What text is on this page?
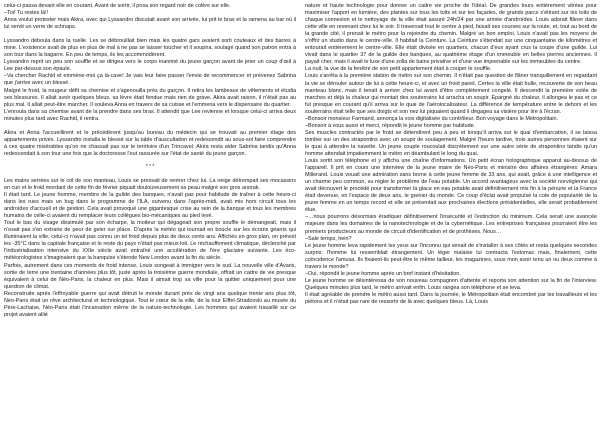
celui-ci passa devant elle en courant. Avant de sortir, il posa son regard noir de colère sur elle.

–Toi! Tu restes là!!

Anna voulut protester mais Akira, avec qui Lyssandro discutait avant son arrivée, lui prit le bras et la ramena au bar où il lui servit un verre de schnaps.

Lyssandro déboula dans la ruelle. Les se débrouillait bien mais les quatre gars avaient sorti couteaux et des barres à mine. L'existence avait de plus en plus de mal à ne pas se laisser toucher et il soupira, soulagé quand son patron entra à son tour dans la bagarre. En peu de temps, ils les accommodèrent.

Lyssandro reprit un peu son souffle et se dirigea vers le corps inanimé du jeune garçon avant de jeter un coup d'œil à Lee par-dessus son épaule.

–Va chercher Rachid et emmène-moi ça là-cave! Je vais leur faire passer l'envie de recommencer et prévenez Sabrina que j'arrive avec un blessé.

Malgré le froid, la rougeur défit sa chemise et s'agenouilla près du garçon. Il retira les lambeaux de vêtements et étudia ses blessures. Il allait avoir quelques bleus, sa lèvre était fendue mais rien de grave. Akira avait raison, il n'était pas au plus mal. Il allait peut-être marcher. Il souleva Anna en travers de sa cuisse et l'emmena vers le dispensaire du quartier.

L'enroula dans sa chemise avant de la prendre dans ses bras. Il attendit que Lee revienne et lorsque celui-ci arriva deux minutes plus tard avec Rachid, il rentra.

Akira et Anna l'accueillirent et le précédèrent jusqu'au bureau du médecin qui se trouvait au premier étage des appartements privés. Lyssandro installa le blessé sur la table d'auscultation et redescendit au sous-sol faire comprendre à ces quatre misérables qu'on ne chassait pas sur le territoire d'un Trincavel. Akira resta aider Sabrina tandis qu'Anna redescendait à son tour une fois que la doctoresse l'eut rassurée sur l'état de santé du jeune garçon.

* * *

Les mains serrées sur le col de son manteau, Louis se pressait de rentrer chez lui. La neige détrempait ses mocassins en cuir et le froid mordant de cette fin de février piquait douloureusement sa peau malgré son gros anorak.

Il était tard. Le jeune homme, membre de la guilde des banques, n'avait pas pour habitude de traîner à cette heure-ci dans les rues mais un bug dans le programme de l'ILA, survenu dans l'après-midi, avait mis hors circuit tous les androïdes d'accueil et de gestion. Cela avait provoqué une gigantesque crise au sein de la banque et tous les membres humains de celle-ci avaient du remplacer leurs collègues bio-mécaniques au pied levé.

Tout le bas du visage dissimulé par son écharpe, la moiteur qui dégageait son propre souffle le démangeait, mais il n'osait pas s'en extraire de peur de geler sur place. D'après la météo qui tournait en boucle sur les écrans géants qui illuminaient la ville, celui-ci n'avait pas connu un tel froid depuis plus de deux cents ans. Affichés en gros plan, on prévoit les -35°C dans la capitale française et le reste du pays n'était pas mieux loti. Le réchauffement climatique, déclenché par l'industrialisation intensive du XXIe siècle avait entraîné une accélération de l'ère glaciaire suivante. Les éco-météorologistes s'imaginaient que la banquise s'étende New London avant la fin du siècle.

Parfois, autrement dans ces moments de froid intense, Louis songeait à immigrer vers le sud. La nouvelle ville d'Avaris, sortie de terre une trentaine d'années plus tôt, juste après la troisième guerre mondiale, offrait un cadre de vie presque équivalent à celui de Néo-Paris, la chaleur en plus. Mais il aimait trop sa ville pour la quitter uniquement pour une question de climat.

Reconstruite après l'effroyable guerre qui avait détruit le monde durant près de vingt ans quelque trente ans plus tôt, Néo-Paris était un rêve architectural et technologique. Tout le cœur de la ville, de la tour Eiffel-Stradovski au musée du Père-Lachaise, Néo-Paris était l'incarnation même de la nature-technologie. Les hommes qui avaient travaillé sur ce projet avaient allié

nature et haute technologie pour donner un cadre vie proche de l'idéal. De grandes tours entièrement vitrées pour maximiser l'apport en lumière, des plantes sur tous les toits et sur les façades, de grands parcs s'étirant sur les toits de chaque connexion et le nettoyage de la ville était assuré 24h/24 par une armée d'androïdes. Louis adorait flâner dans cette ville en revenant chez lui le soir. Il traversait tout le centre à pied, faisait ses courses sur la route, et, tout au bord de la grande cité, il prenait le métro pour la rejoindre du chemin. Malgré un bon emploi, Louis n'avait pas les moyens de s'offrir un studio dans le centre-ville. Il habitait la Ceinture. La Ceinture s'étendait sur une cinquantaine de kilomètres et entourait entièrement le centre-ville. Elle était divisée en quartiers, chacun d'eux ayant crus la coupe d'une guilde. Lui vivait dans le quartier 37 de la guilde des banques, au quatrième étage d'un immeuble en belles pierres anciennes. Il payait cher, mais il avait le luxe d'une zolla de bains privative et d'une vue imprenable sur les immeubles du centre.

La nuit, la vue de la fenêtre de son petit appartement était à couper le souffle.

Louis s'arrêta à la première station de métro sur son chemin. Il n'était pas question de flâner tranquillement en regardant la vie se dérouler autour de lui à cette heure-ci, et avec un froid pareil. Certes la ville était bulle, recouverte de son beau manteau blanc, mais il tenait à arriver chez lui avant d'être complètement congelé. Il descendit la première volée de marches et déjà la chaleur qui montait des souterrains lui arracha un soupir. Épargné du chaleur, il allongea le pas et ce fut presque en courant qu'il arriva sur le quai de l'aérolocalisateur. La différence de température entre le dehors et les souterrains était telle que ses doigts et son nez lui piquaient quand il dégagea sa visière pour lire à l'écran.

–Bonsoir monsieur Farmand, annonça la voix digitalisée du contrôleur. Bon voyage dans le Métropolitain.

–Bonsoir à vous aussi et merci, répondit le jeune homme par habitude.

Ses muscles contractés par le froid se détendirent peu à peu et lorsqu'il arriva sur le quai d'embarcation, il se laissa tomber sur un des strapontins avec un soupir de soulagement. Malgré l'heure tardive, trois autres personnes étaient sur le quai à attendre la navette. Un jeune couple roucoulait discrètement sur une autre série de strapontins tandis qu'un homme attendait impatiemment le métro en déambulant le long du quai.

Louis sortit son téléphone et y afficha une chaîne d'informations. Un petit écran holographique apparut au-dessus de l'appareil. Il prit en cours une interview de la jeune maire de Néo-Paris et ministre des affaires étrangères: Amara Millerand. Louis vouait une admiration sans borne à cette jeune femme de 33 ans, qui avait, grâce à une intelligence et un charme peu commun, su régler le problème de l'eau potable. Un accord avantageux avec la société norvégienne qui avait découvert le procédé pour transformer la glace en eau potable avait définitivement mis fin à la pénurie et la France était devenue, en l'espace de deux ans, le grenier du monde. Ce coup d'éclat avait propulsé la cote de popularité de la jeune femme en un temps record et elle se présentait aux prochaines élections présidentielles, elle serait probablement élue.

–…nous pourrons désormais éradiquer définitivement l'insécurité et l'extinction du minimum. Cela serait une avancée majeure dans les domaines de la nanotechnologie et de la cybernétique. Les entreprises françaises pourraient être les premiers producteurs au monde de circuit d'identification et de prothèses. Nous…

–Sale temps, hein?

Le jeune homme leva rapidement les yeux sur l'inconnu qui venait de s'installer à ses côtés et resta quelques secondes surpris: l'homme lui ressemblait étrangement. Un léger malaise lui contracta l'estomac mais, finalement, cette coïncidence l'amusa. Ils fixaient-ils peut-être le même tailleur, les magazines, sous mon avoir tenu un ou deux comme à travers le monde?

–Oui, répondit le jeune homme après un bref instant d'hésitation.

Le jeune homme se désintéressa de son nouveau compagnon d'attente et reporta son attention sur la fin de l'interview. Quelques minutes plus tard, le métro arrivait enfin. Louis rangea son téléphone et se leva.

Il était agréable de prendre le métro aussi tard. Dans la journée, le Métropolitain était encombré par les travailleurs et les piétons et il n'était pas rare de ressortir de là avec quelques bleus. Là, Louis
